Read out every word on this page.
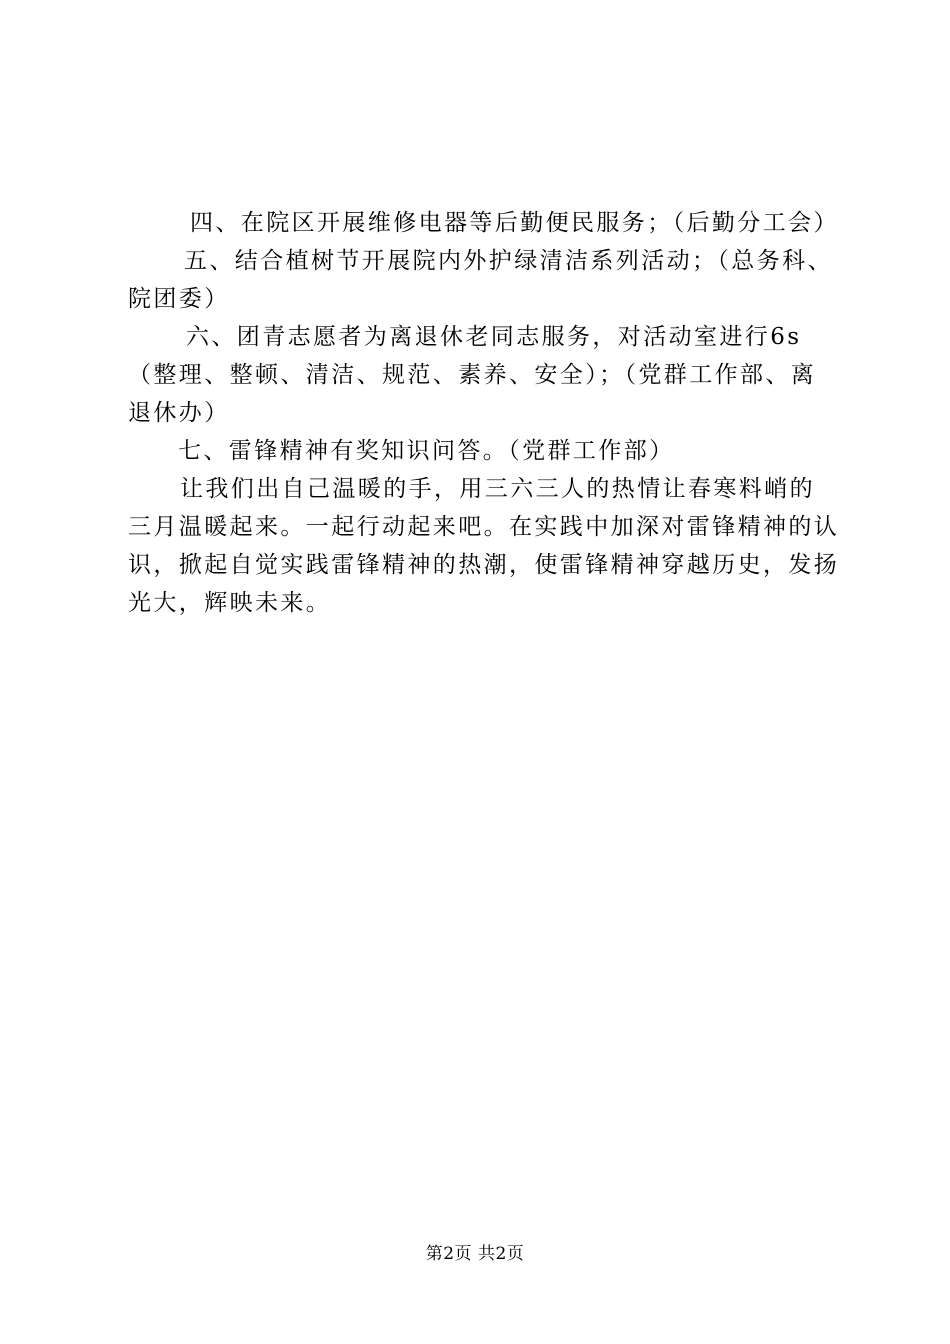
四、在院区开展维修电器等后勤便民服务；（后勤分工会）

五、结合植树节开展院内外护绿清洁系列活动；（总务科、院团委）

六、团青志愿者为离退休老同志服务，对活动室进行6s（整理、整顿、清洁、规范、素养、安全）；（党群工作部、离退休办）

七、雷锋精神有奖知识问答。（党群工作部）

让我们出自己温暖的手，用三六三人的热情让春寒料峭的三月温暖起来。一起行动起来吧。在实践中加深对雷锋精神的认识，掀起自觉实践雷锋精神的热潮，使雷锋精神穿越历史，发扬光大，辉映未来。

第2页 共2页
